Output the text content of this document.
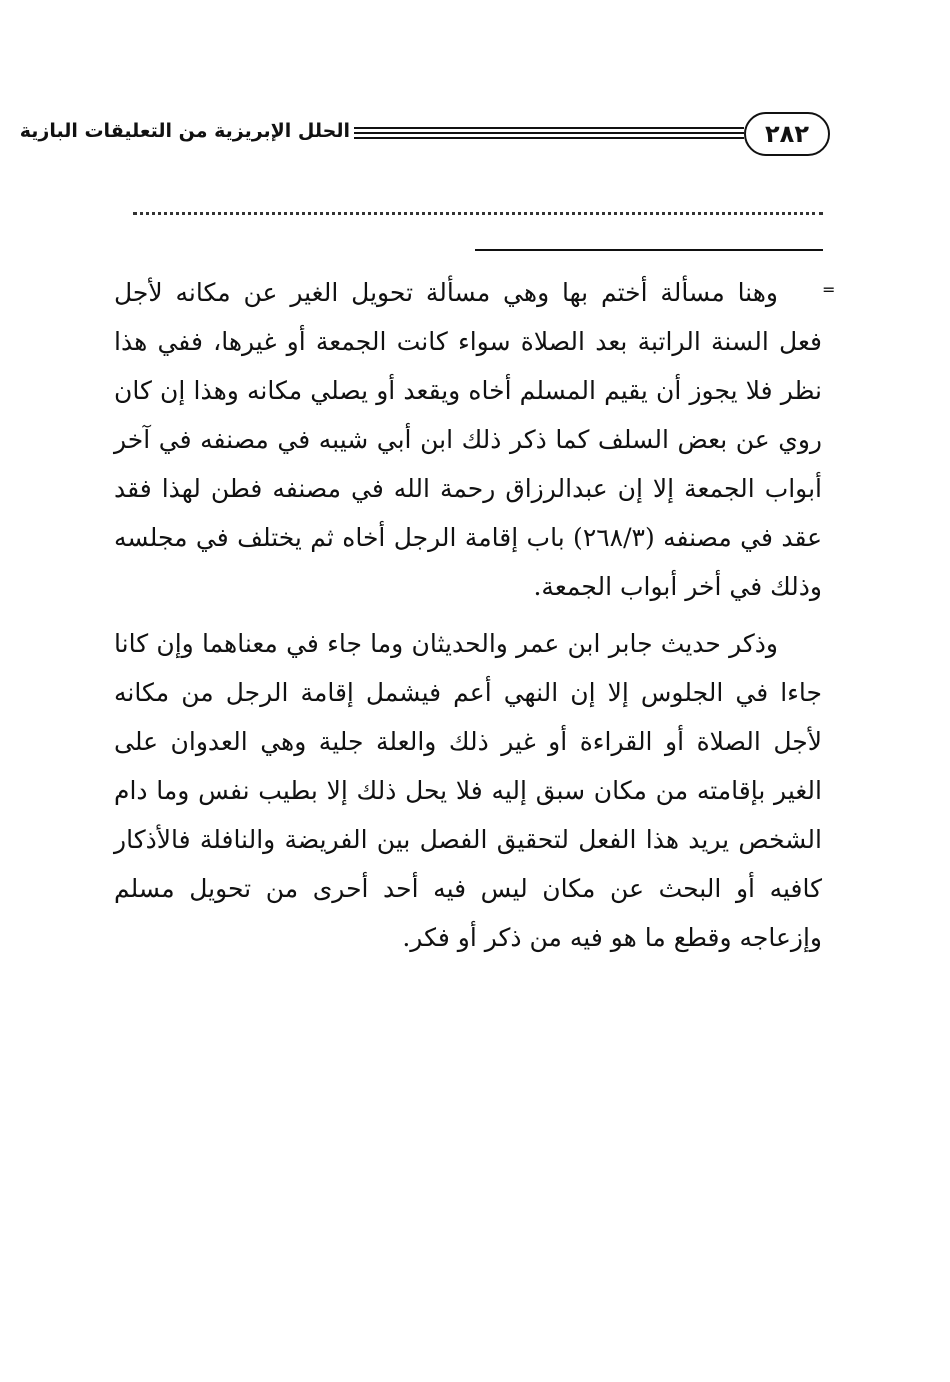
٢٨٢
الحلل الإبريزية من التعليقات البازية
=

وهنا مسألة أختم بها وهي مسألة تحويل الغير عن مكانه لأجل فعل السنة الراتبة بعد الصلاة سواء كانت الجمعة أو غيرها، ففي هذا نظر فلا يجوز أن يقيم المسلم أخاه ويقعد أو يصلي مكانه وهذا إن كان روي عن بعض السلف كما ذكر ذلك ابن أبي شيبه في مصنفه في آخر أبواب الجمعة إلا إن عبدالرزاق رحمة الله في مصنفه فطن لهذا فقد عقد في مصنفه (٢٦٨/٣) باب إقامة الرجل أخاه ثم يختلف في مجلسه وذلك في أخر أبواب الجمعة.

وذكر حديث جابر ابن عمر والحديثان وما جاء في معناهما وإن كانا جاءا في الجلوس إلا إن النهي أعم فيشمل إقامة الرجل من مكانه لأجل الصلاة أو القراءة أو غير ذلك والعلة جلية وهي العدوان على الغير بإقامته من مكان سبق إليه فلا يحل ذلك إلا بطيب نفس وما دام الشخص يريد هذا الفعل لتحقيق الفصل بين الفريضة والنافلة فالأذكار كافيه أو البحث عن مكان ليس فيه أحد أحرى من تحويل مسلم وإزعاجه وقطع ما هو فيه من ذكر أو فكر.
